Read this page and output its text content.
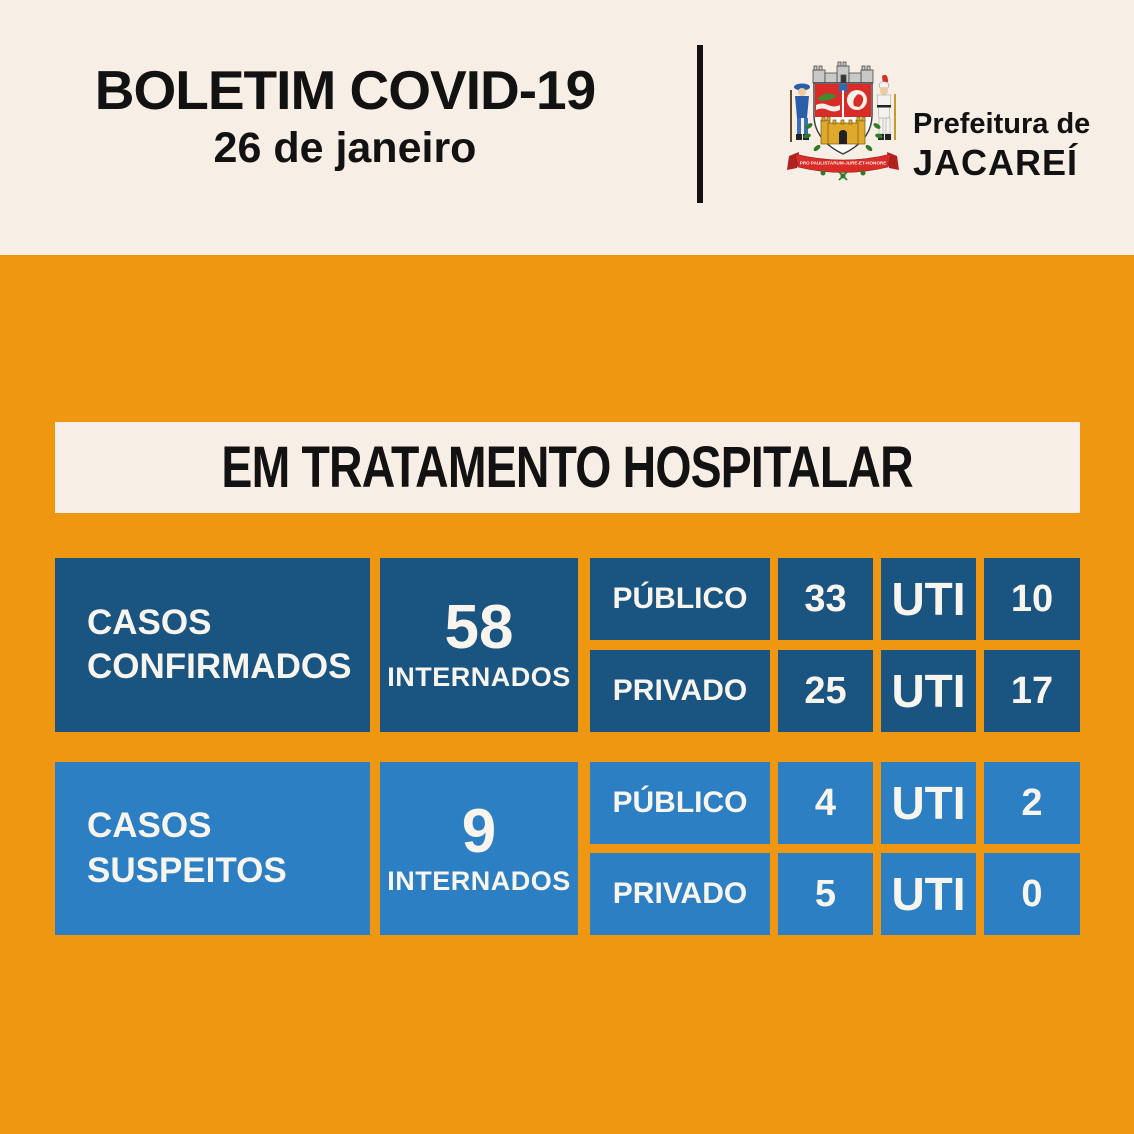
BOLETIM COVID-19
26 de janeiro	PRO PAULISTARUM-JURE-ET-HONORE
Prefeitura de
JACAREÍ
EM TRATAMENTO HOSPITALAR
CASOS
CONFIRMADOS
58
INTERNADOS
PÚBLICO	33 UTI	10
PRIVADO	25 UTI	17
CASOS
SUSPEITOS
9
INTERNADOS
PÚBLICO	4	UTI	2
PRIVADO	5	UTI	0
